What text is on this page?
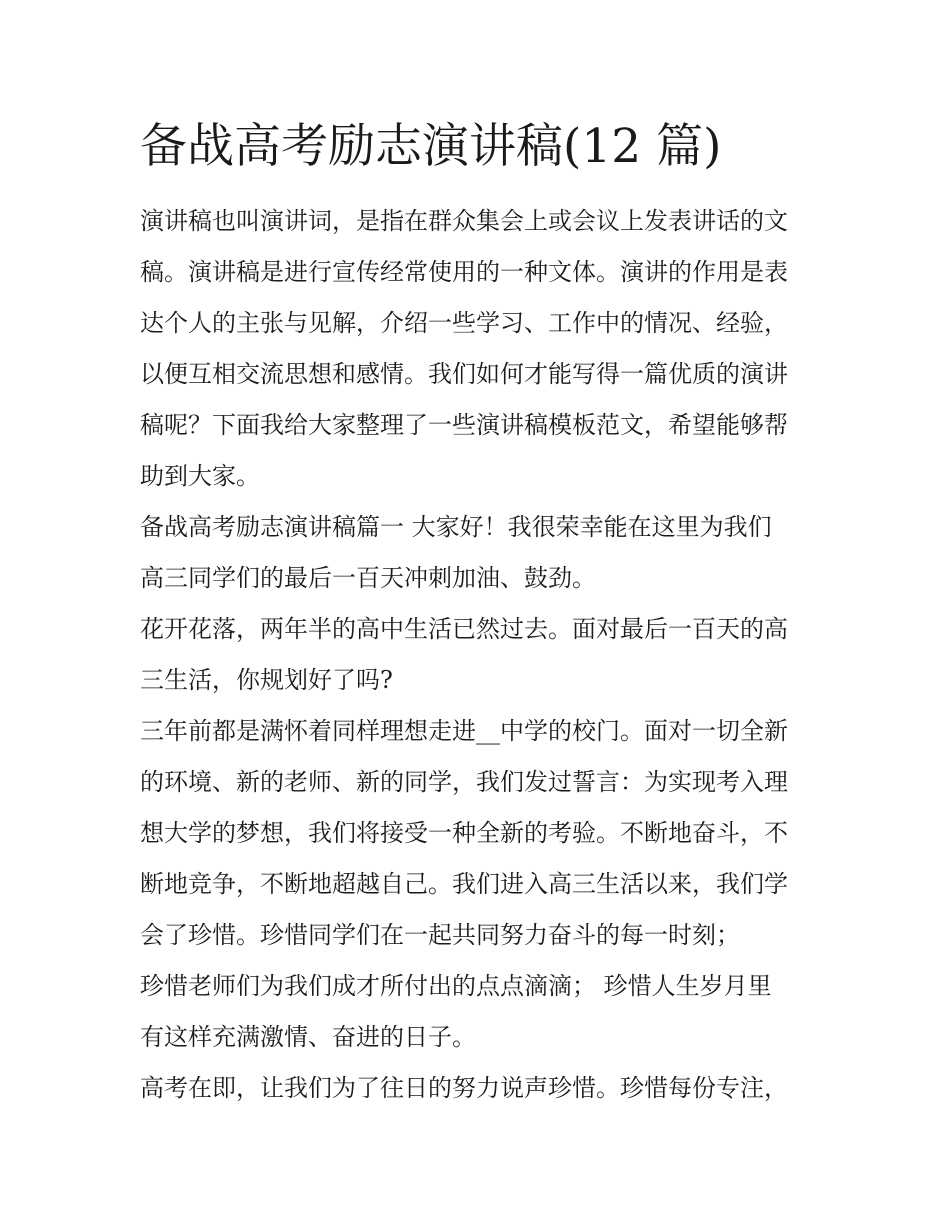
备战高考励志演讲稿(12 篇)
演讲稿也叫演讲词，是指在群众集会上或会议上发表讲话的文
稿。演讲稿是进行宣传经常使用的一种文体。演讲的作用是表
达个人的主张与见解，介绍一些学习、工作中的情况、经验，
以便互相交流思想和感情。我们如何才能写得一篇优质的演讲
稿呢？下面我给大家整理了一些演讲稿模板范文，希望能够帮
助到大家。
备战高考励志演讲稿篇一 大家好！我很荣幸能在这里为我们
高三同学们的最后一百天冲刺加油、鼓劲。
花开花落，两年半的高中生活已然过去。面对最后一百天的高
三生活，你规划好了吗?
三年前都是满怀着同样理想走进__中学的校门。面对一切全新
的环境、新的老师、新的同学，我们发过誓言：为实现考入理
想大学的梦想，我们将接受一种全新的考验。不断地奋斗，不
断地竞争，不断地超越自己。我们进入高三生活以来，我们学
会了珍惜。珍惜同学们在一起共同努力奋斗的每一时刻；
珍惜老师们为我们成才所付出的点点滴滴； 珍惜人生岁月里
有这样充满激情、奋进的日子。
高考在即，让我们为了往日的努力说声珍惜。珍惜每份专注，
